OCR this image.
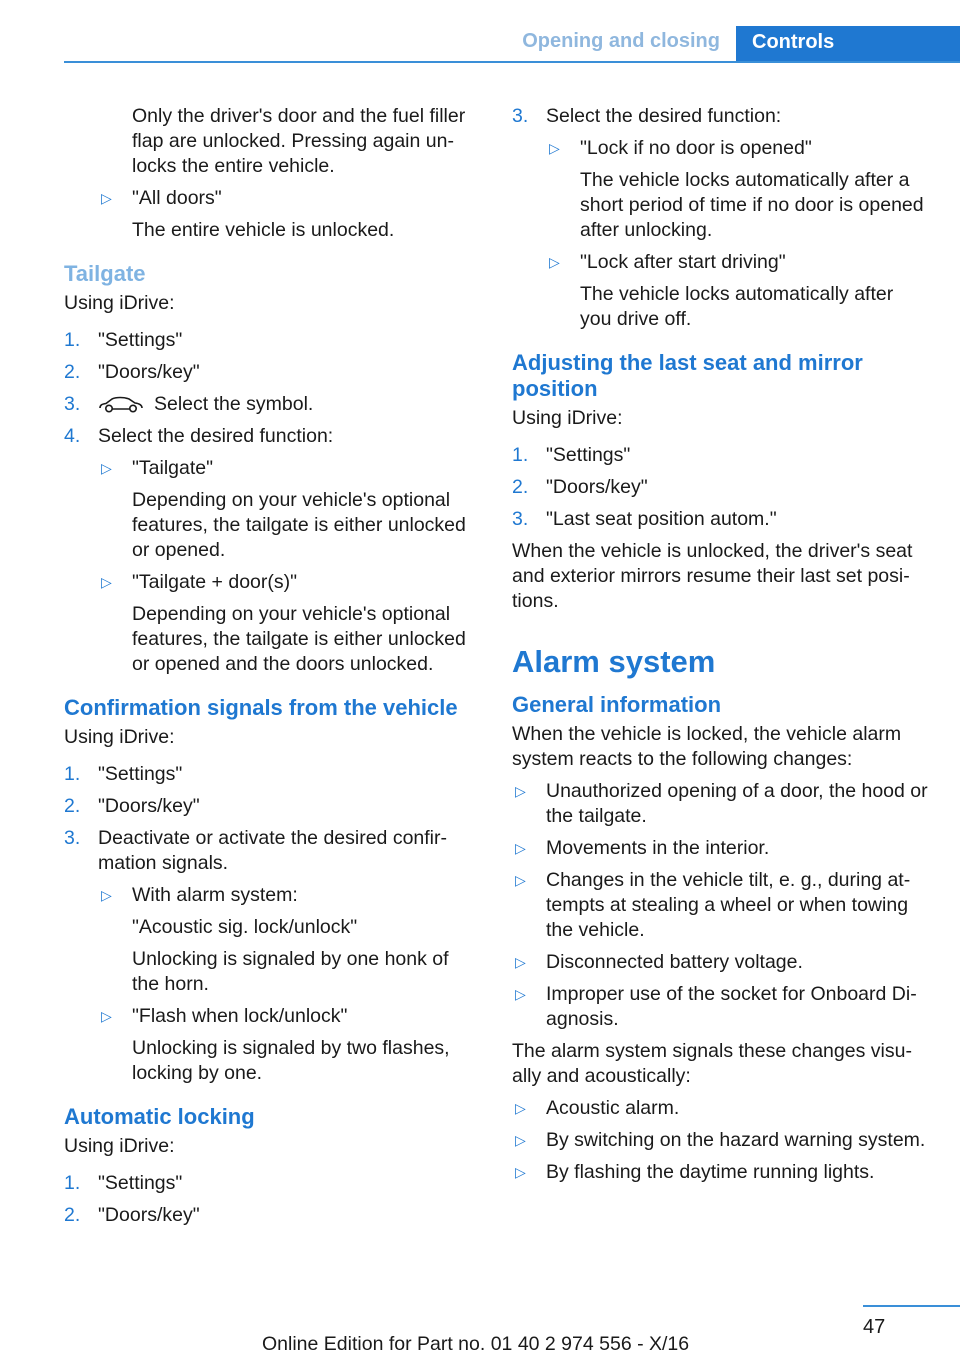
Opening and closing	Controls

Only the driver's door and the fuel filler flap are unlocked. Pressing again unlocks the entire vehicle.

▷ "All doors"
The entire vehicle is unlocked.
Tailgate

Using iDrive:

1. "Settings"
2. "Doors/key"
3.	Select the symbol.
4. Select the desired function:
▷ "Tailgate"
Depending on your vehicle's optional features, the tailgate is either unlocked or opened.
▷ "Tailgate + door(s)"
Depending on your vehicle's optional features, the tailgate is either unlocked or opened and the doors unlocked.
Confirmation signals from the vehicle

Using iDrive:

1. "Settings"
2. "Doors/key"
3. Deactivate or activate the desired confirmation signals.
▷ With alarm system:
"Acoustic sig. lock/unlock"
Unlocking is signaled by one honk of the horn.
▷ "Flash when lock/unlock"
Unlocking is signaled by two flashes, locking by one.
Automatic locking

Using iDrive:

1. "Settings"
2. "Doors/key"
3. Select the desired function:
▷ "Lock if no door is opened"
The vehicle locks automatically after a short period of time if no door is opened after unlocking.
▷ "Lock after start driving"
The vehicle locks automatically after you drive off.
Adjusting the last seat and mirror position

Using iDrive:

1. "Settings"
2. "Doors/key"
3. "Last seat position autom."

When the vehicle is unlocked, the driver's seat and exterior mirrors resume their last set positions.

Alarm system
General information

When the vehicle is locked, the vehicle alarm system reacts to the following changes:

▷ Unauthorized opening of a door, the hood or the tailgate.
▷ Movements in the interior.
▷ Changes in the vehicle tilt, e. g., during attempts at stealing a wheel or when towing the vehicle.
▷ Disconnected battery voltage.
▷ Improper use of the socket for Onboard Diagnosis.

The alarm system signals these changes visually and acoustically:

▷ Acoustic alarm.
▷ By switching on the hazard warning system.
▷ By flashing the daytime running lights.
47
Online Edition for Part no. 01 40 2 974 556 - X/16
